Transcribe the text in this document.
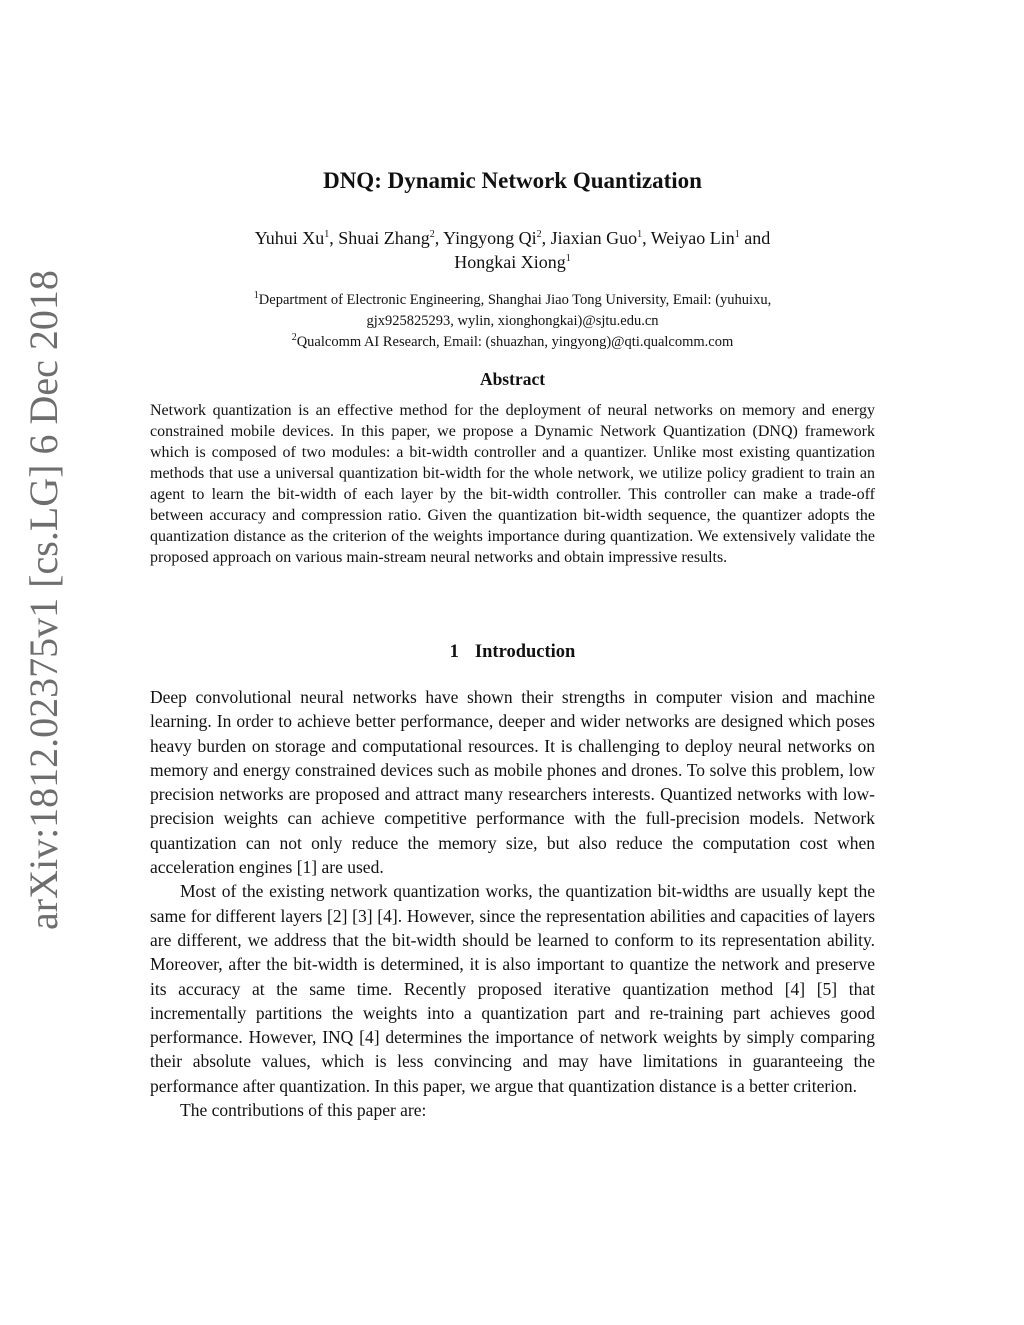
arXiv:1812.02375v1 [cs.LG] 6 Dec 2018
DNQ: Dynamic Network Quantization
Yuhui Xu$^1$, Shuai Zhang$^2$, Yingyong Qi$^2$, Jiaxian Guo$^1$, Weiyao Lin$^1$ and
Hongkai Xiong$^1$
$^1$Department of Electronic Engineering, Shanghai Jiao Tong University, Email: (yuhuixu,
gjx925825293, wylin, xionghongkai)@sjtu.edu.cn
$^2$Qualcomm AI Research, Email: (shuazhan, yingyong)@qti.qualcomm.com
Abstract
Network quantization is an effective method for the deployment of neural networks on memory and energy constrained mobile devices. In this paper, we propose a Dynamic Network Quantization (DNQ) framework which is composed of two modules: a bit-width controller and a quantizer. Unlike most existing quantization methods that use a universal quantization bit-width for the whole network, we utilize policy gradient to train an agent to learn the bit-width of each layer by the bit-width controller. This controller can make a trade-off between accuracy and compression ratio. Given the quantization bit-width sequence, the quantizer adopts the quantization distance as the criterion of the weights importance during quantization. We extensively validate the proposed approach on various main-stream neural networks and obtain impressive results.
1 Introduction

Deep convolutional neural networks have shown their strengths in computer vision and machine learning. In order to achieve better performance, deeper and wider networks are designed which poses heavy burden on storage and computational resources. It is challenging to deploy neural networks on memory and energy constrained devices such as mobile phones and drones. To solve this problem, low precision networks are proposed and attract many researchers interests. Quantized networks with low-precision weights can achieve competitive performance with the full-precision models. Network quantization can not only reduce the memory size, but also reduce the computation cost when acceleration engines [1] are used.

Most of the existing network quantization works, the quantization bit-widths are usually kept the same for different layers [2] [3] [4]. However, since the representation abilities and capacities of layers are different, we address that the bit-width should be learned to conform to its representation ability. Moreover, after the bit-width is determined, it is also important to quantize the network and preserve its accuracy at the same time. Recently proposed iterative quantization method [4] [5] that incrementally partitions the weights into a quantization part and re-training part achieves good performance. However, INQ [4] determines the importance of network weights by simply comparing their absolute values, which is less convincing and may have limitations in guaranteeing the performance after quantization. In this paper, we argue that quantization distance is a better criterion.

The contributions of this paper are:
